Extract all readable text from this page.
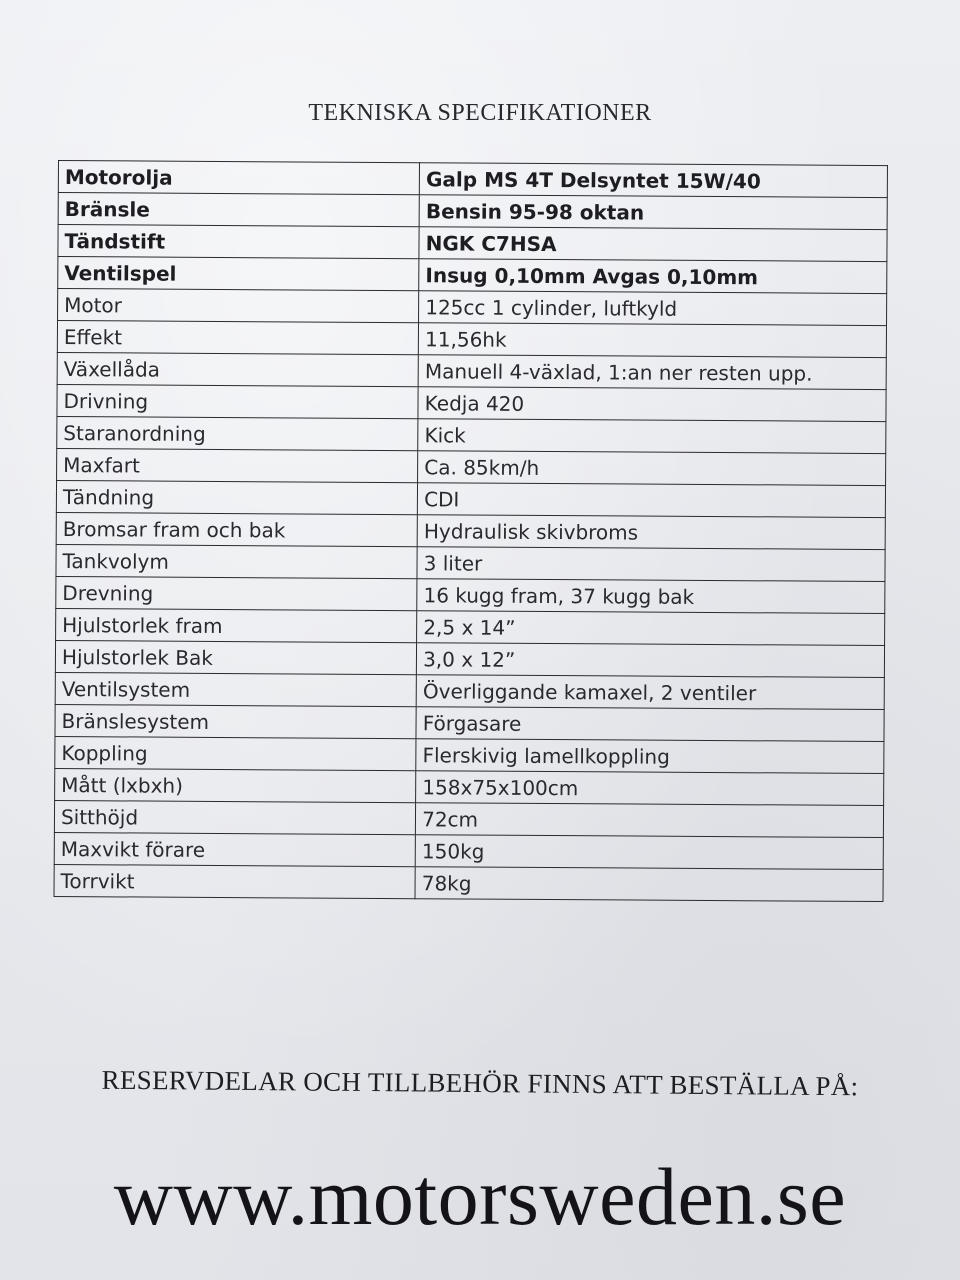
TEKNISKA SPECIFIKATIONER
Motorolja	Galp MS 4T Delsyntet 15W/40
Bränsle	Bensin 95-98 oktan
Tändstift	NGK C7HSA
Ventilspel	Insug 0,10mm Avgas 0,10mm
Motor	125cc 1 cylinder, luftkyld
Effekt	11,56hk
Växellåda	Manuell 4-växlad, 1:an ner resten upp.
Drivning	Kedja 420
Staranordning	Kick
Maxfart	Ca. 85km/h
Tändning	CDI
Bromsar fram och bak	Hydraulisk skivbroms
Tankvolym	3 liter
Drevning	16 kugg fram, 37 kugg bak
Hjulstorlek fram	2,5 x 14”
Hjulstorlek Bak	3,0 x 12”
Ventilsystem	Överliggande kamaxel, 2 ventiler
Bränslesystem	Förgasare
Koppling	Flerskivig lamellkoppling
Mått (lxbxh)	158x75x100cm
Sitthöjd	72cm
Maxvikt förare	150kg
Torrvikt	78kg
RESERVDELAR OCH TILLBEHÖR FINNS ATT BESTÄLLA PÅ:
www.motorsweden.se
